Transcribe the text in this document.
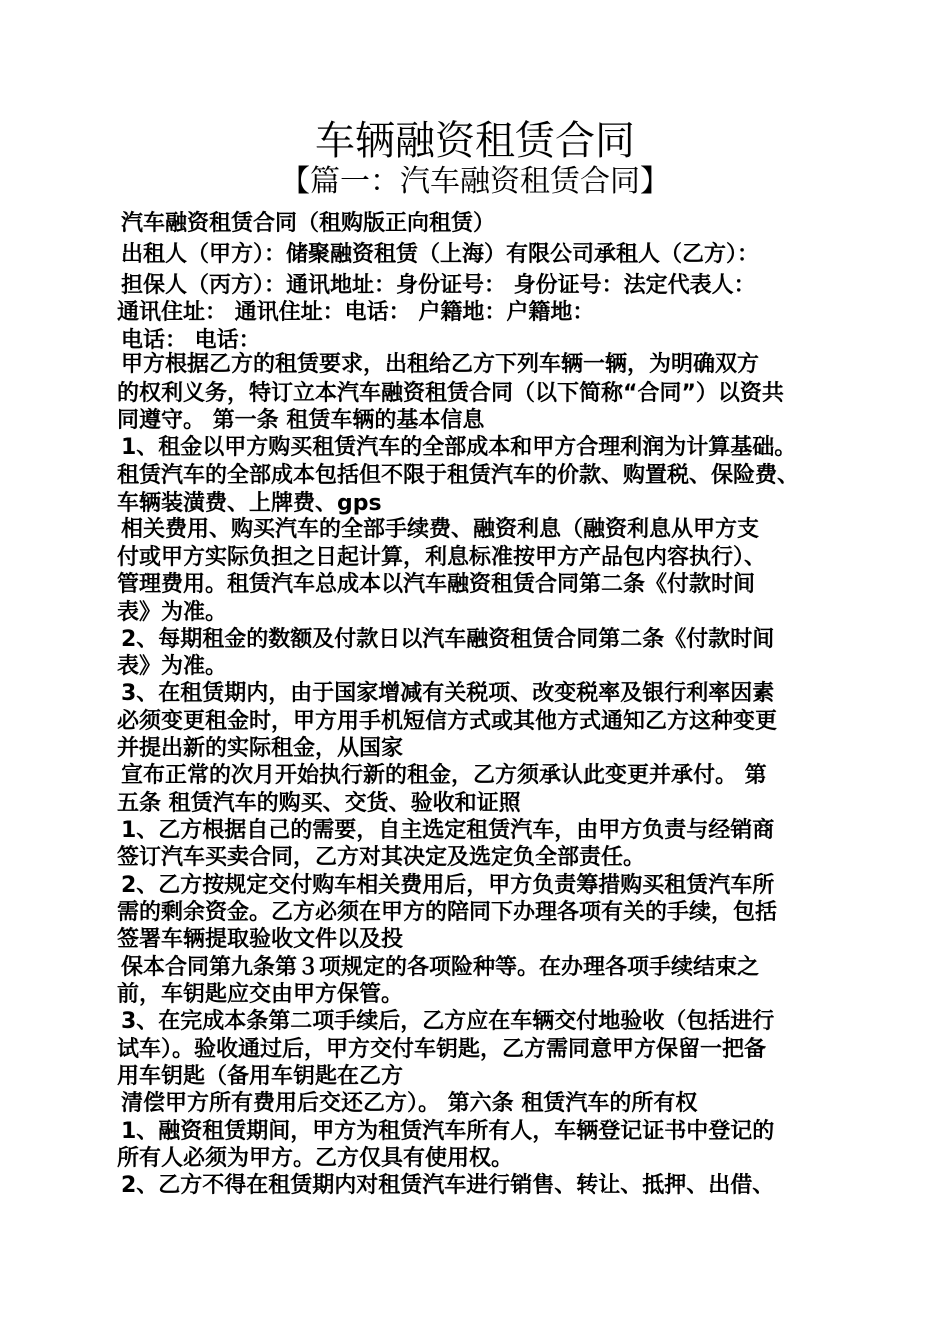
车辆融资租赁合同
【篇一：汽车融资租赁合同】
汽车融资租赁合同（租购版正向租赁）
出租人（甲方）：储聚融资租赁（上海）有限公司承租人（乙方）：
担保人（丙方）：通讯地址：身份证号： 身份证号：法定代表人：
通讯住址： 通讯住址：电话： 户籍地：户籍地：
电话： 电话：
甲方根据乙方的租赁要求，出租给乙方下列车辆一辆，为明确双方
的权利义务，特订立本汽车融资租赁合同（以下简称“合同”）以资共
同遵守。 第一条 租赁车辆的基本信息
1、租金以甲方购买租赁汽车的全部成本和甲方合理利润为计算基础。
租赁汽车的全部成本包括但不限于租赁汽车的价款、购置税、保险费、
车辆装潢费、上牌费、gps
相关费用、购买汽车的全部手续费、融资利息（融资利息从甲方支
付或甲方实际负担之日起计算，利息标准按甲方产品包内容执行）、
管理费用。租赁汽车总成本以汽车融资租赁合同第二条《付款时间
表》为准。
2、每期租金的数额及付款日以汽车融资租赁合同第二条《付款时间
表》为准。
3、在租赁期内，由于国家增减有关税项、改变税率及银行利率因素
必须变更租金时，甲方用手机短信方式或其他方式通知乙方这种变更
并提出新的实际租金，从国家
宣布正常的次月开始执行新的租金，乙方须承认此变更并承付。 第
五条 租赁汽车的购买、交货、验收和证照
1、乙方根据自己的需要，自主选定租赁汽车，由甲方负责与经销商
签订汽车买卖合同，乙方对其决定及选定负全部责任。
2、乙方按规定交付购车相关费用后，甲方负责筹措购买租赁汽车所
需的剩余资金。乙方必须在甲方的陪同下办理各项有关的手续，包括
签署车辆提取验收文件以及投
保本合同第九条第３项规定的各项险种等。在办理各项手续结束之
前，车钥匙应交由甲方保管。
3、在完成本条第二项手续后，乙方应在车辆交付地验收（包括进行
试车）。验收通过后，甲方交付车钥匙，乙方需同意甲方保留一把备
用车钥匙（备用车钥匙在乙方
清偿甲方所有费用后交还乙方）。 第六条 租赁汽车的所有权
1、融资租赁期间，甲方为租赁汽车所有人，车辆登记证书中登记的
所有人必须为甲方。乙方仅具有使用权。
2、乙方不得在租赁期内对租赁汽车进行销售、转让、抵押、出借、
